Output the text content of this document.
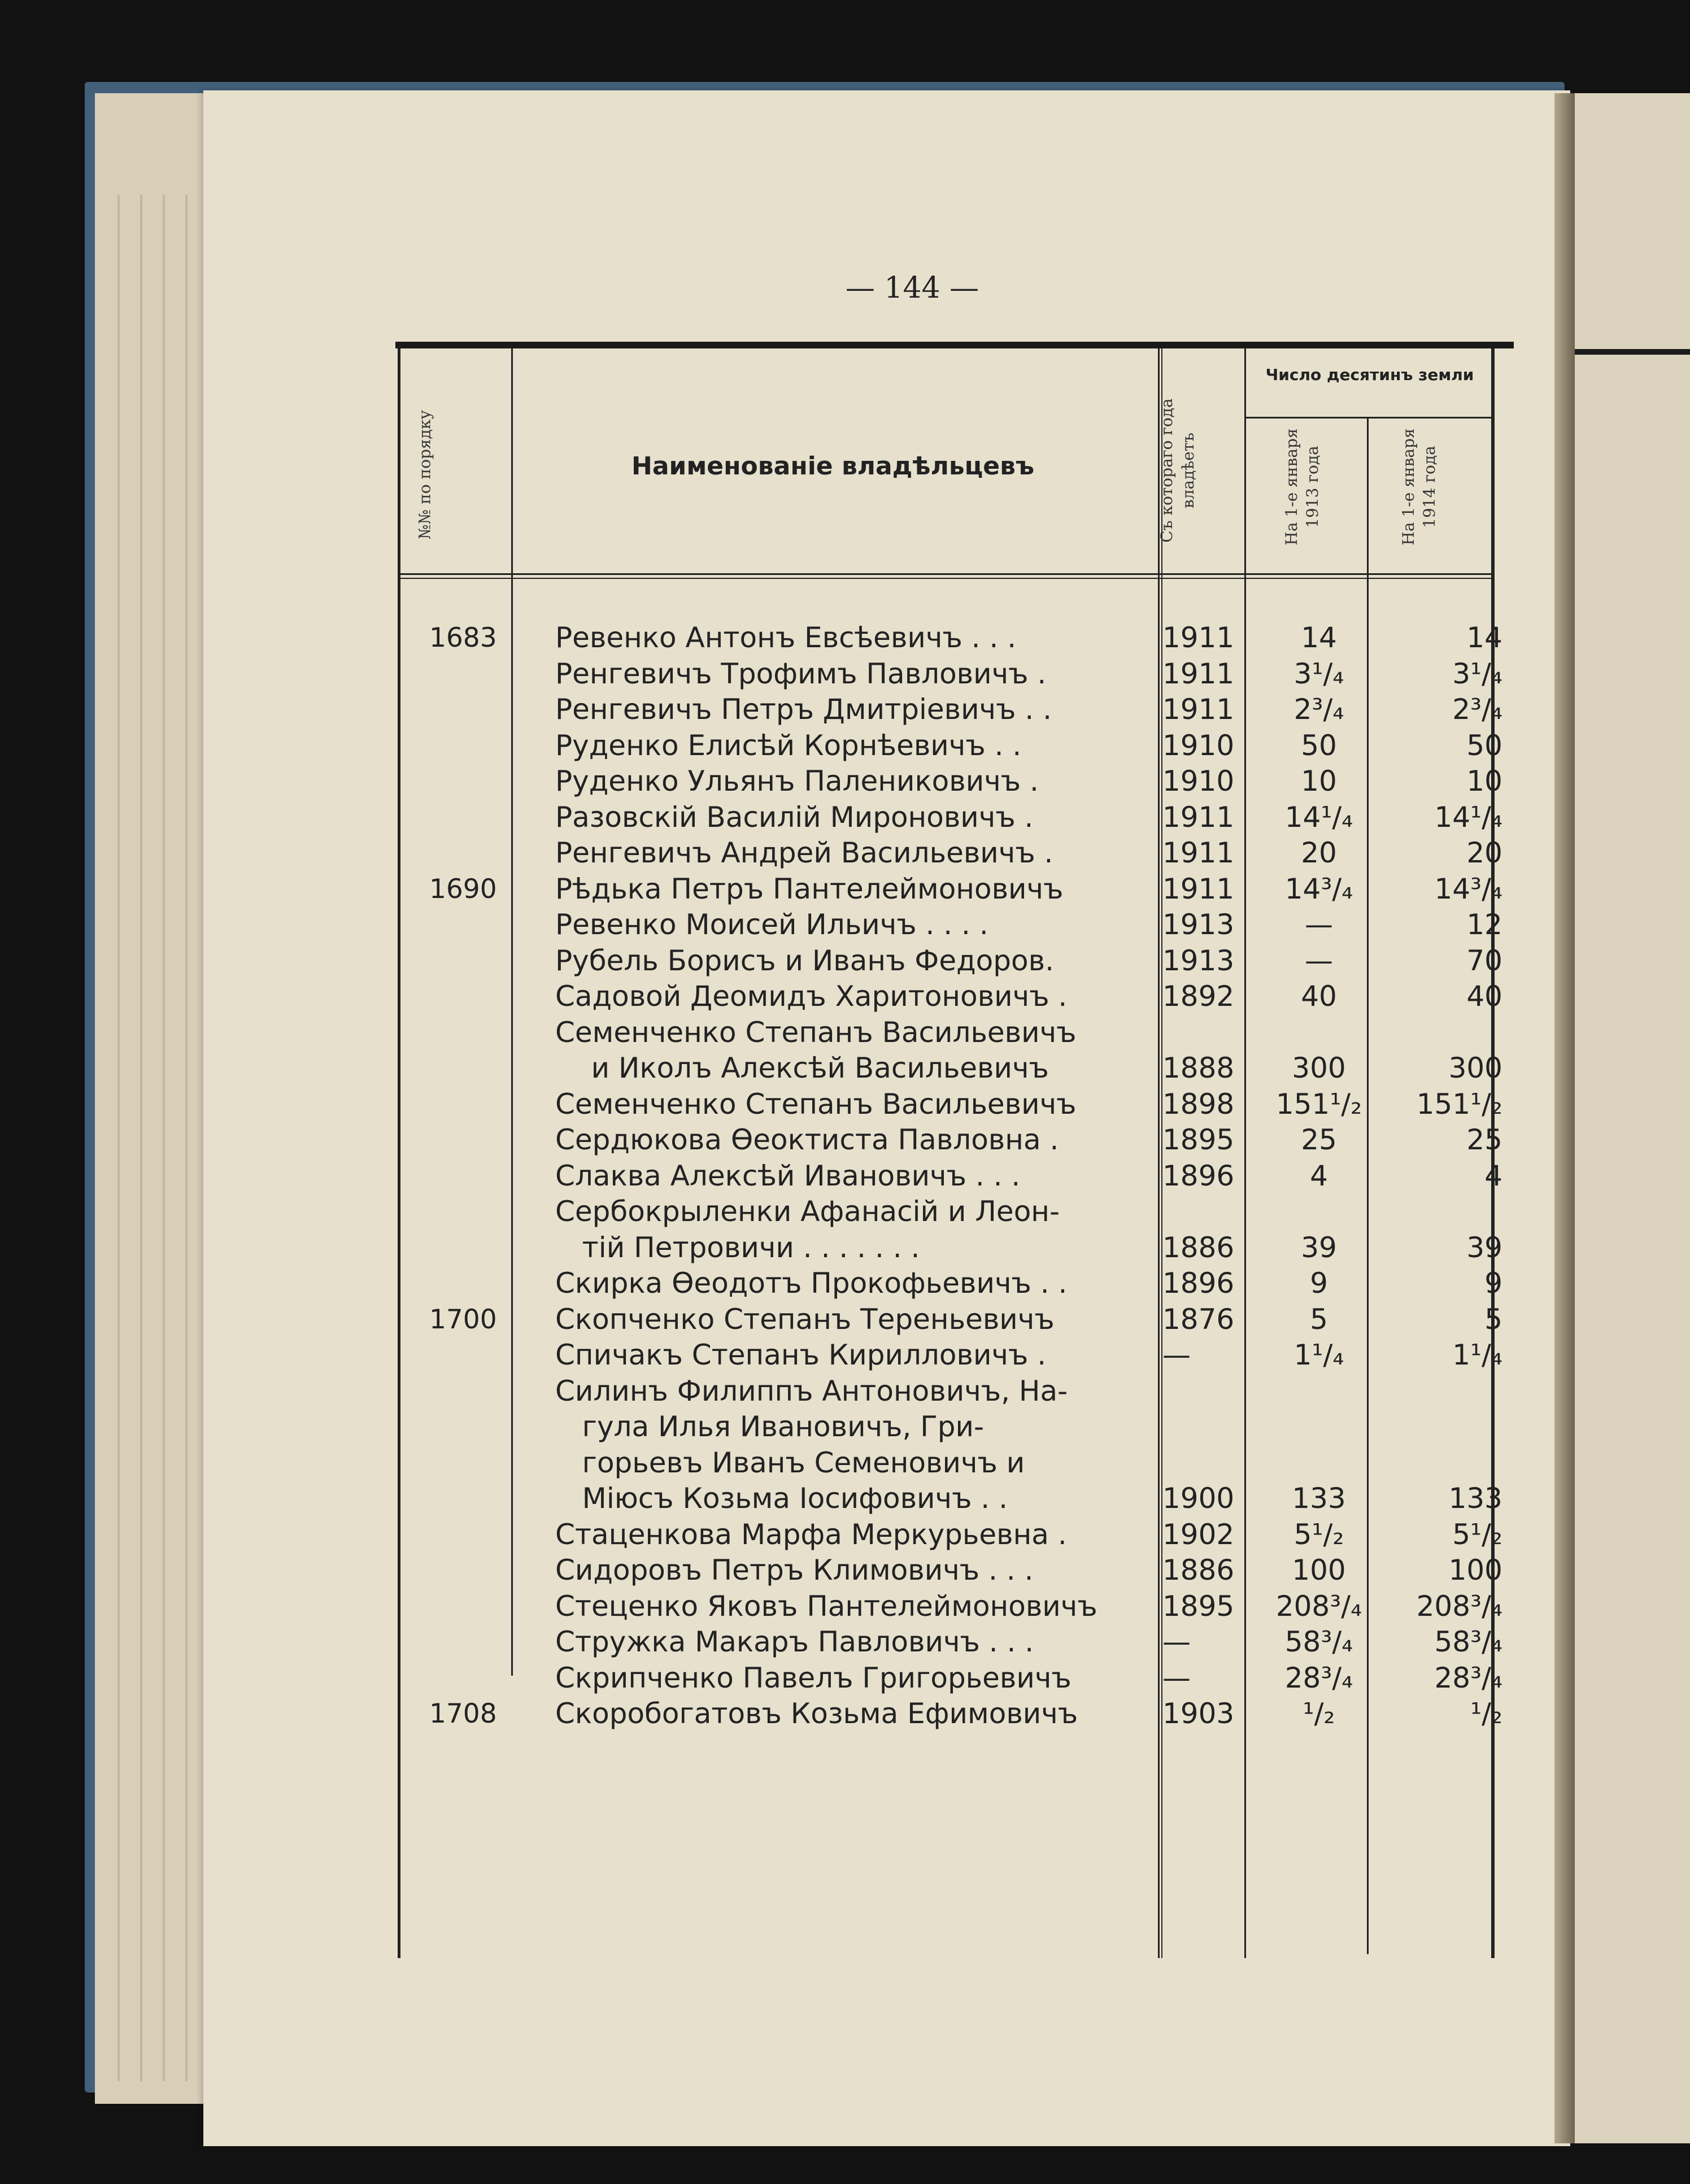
— 144 —
№№ по порядку	Наименованіе владѣльцевъ	Съ котораго года владѣетъ
Число десятинъ земли
На 1-е января 1913 года	На 1-е января 1914 года
1683	Ревенко Антонъ Евсѣевичъ . . .	1911	14	14
Ренгевичъ Трофимъ Павловичъ .	1911	3¹/₄	3¹/₄
Ренгевичъ Петръ Дмитріевичъ . .	1911	2³/₄	2³/₄
Руденко Елисѣй Корнѣевичъ . .	1910	50	50
Руденко Ульянъ Палениковичъ .	1910	10	10
Разовскій Василій Мироновичъ .	1911	14¹/₄	14¹/₄
Ренгевичъ Андрей Васильевичъ .	1911	20	20
1690	Рѣдька Петръ Пантелеймоновичъ	1911	14³/₄	14³/₄
Ревенко Моисей Ильичъ . . . .	1913	—	12
Рубель Борисъ и Иванъ Федоров.	1913	—	70
Садовой Деомидъ Харитоновичъ .	1892	40	40
Семенченко Степанъ Васильевичъ
и Иколъ Алексѣй Васильевичъ	1888	300	300
Семенченко Степанъ Васильевичъ	1898	151¹/₂	151¹/₂
Сердюкова Өеоктиста Павловна .	1895	25	25
Слаква Алексѣй Ивановичъ . . .	1896	4	4
Сербокрыленки Афанасій и Леон-
тій Петровичи . . . . . . .	1886	39	39
Скирка Өеодотъ Прокофьевичъ . .	1896	9	9
1700	Скопченко Степанъ Тереньевичъ	1876	5	5
Спичакъ Степанъ Кирилловичъ .	—	1¹/₄	1¹/₄
Силинъ Филиппъ Антоновичъ, На-
гула Илья Ивановичъ, Гри-
горьевъ Иванъ Семеновичъ и
Міюсъ Козьма Іосифовичъ . .	1900	133	133
Стаценкова Марфа Меркурьевна .	1902	5¹/₂	5¹/₂
Сидоровъ Петръ Климовичъ . . .	1886	100	100
Стеценко Яковъ Пантелеймоновичъ 1895	208³/₄	208³/₄
Стружка Макаръ Павловичъ . . .	—	58³/₄	58³/₄
Скрипченко Павелъ Григорьевичъ	—	28³/₄	28³/₄
1708	Скоробогатовъ Козьма Ефимовичъ	1903	¹/₂	¹/₂
